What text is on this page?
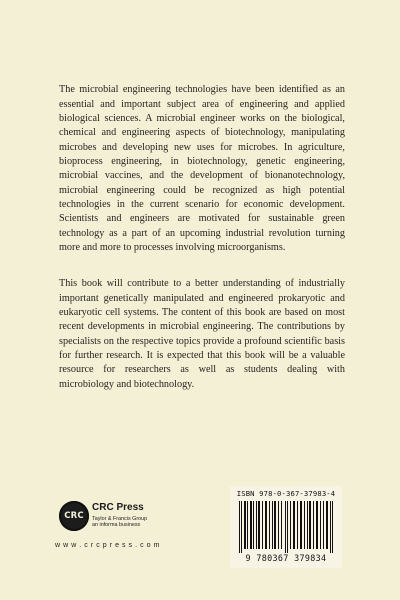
The microbial engineering technologies have been identified as an essential and important subject area of engineering and applied biological sciences. A microbial engineer works on the biological, chemical and engineering aspects of biotechnology, manipulating microbes and developing new uses for microbes. In agriculture, bioprocess engineering, in biotechnology, genetic engineering, microbial vaccines, and the development of bionanotechnology, microbial engineering could be recognized as high potential technologies in the current scenario for economic development. Scientists and engineers are motivated for sustainable green technology as a part of an upcoming industrial revolution turning more and more to processes involving microorganisms.

This book will contribute to a better understanding of industrially important genetically manipulated and engineered prokaryotic and eukaryotic cell systems. The content of this book are based on most recent developments in microbial engineering. The contributions by specialists on the respective topics provide a profound scientific basis for further research. It is expected that this book will be a valuable resource for researchers as well as students dealing with microbiology and biotechnology.

CRC
CRC Press
Taylor & Francis Group
an informa business
w w w . c r c p r e s s . c o m
ISBN 978-0-367-37983-4
9 780367 379834
